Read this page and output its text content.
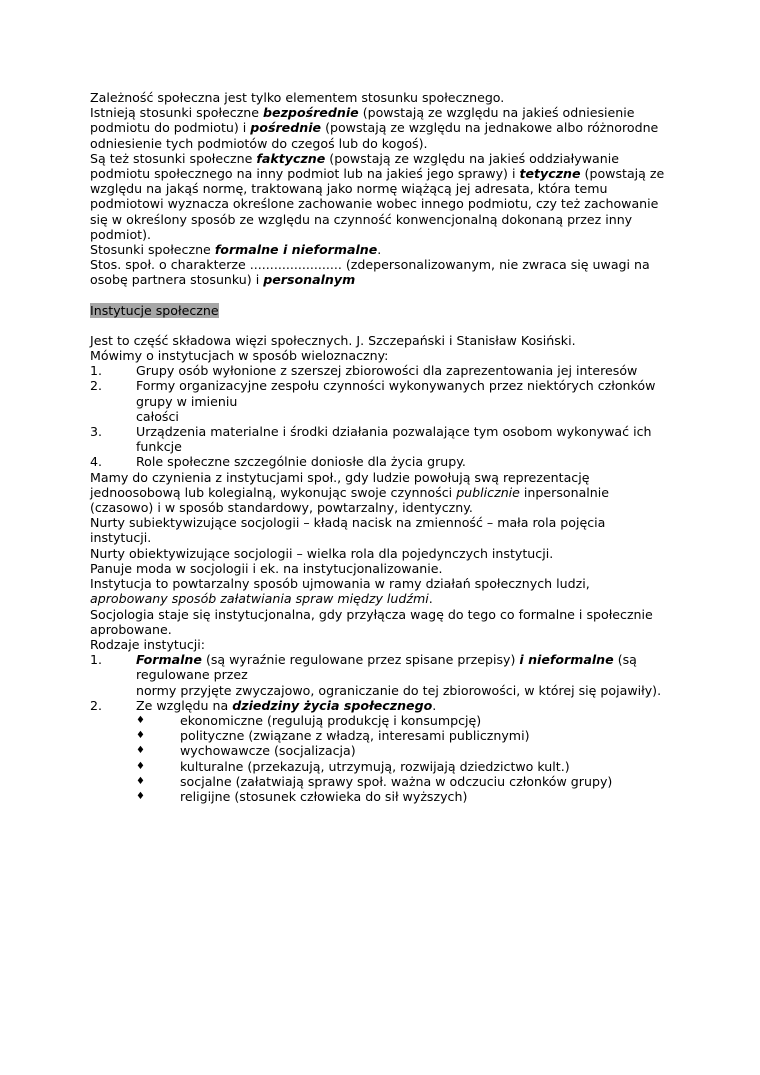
Zależność społeczna jest tylko elementem stosunku społecznego.

Istnieją stosunki społeczne bezpośrednie (powstają ze względu na jakieś odniesienie podmiotu do podmiotu) i pośrednie (powstają ze względu na jednakowe albo różnorodne odniesienie tych podmiotów do czegoś lub do kogoś).

Są też stosunki społeczne faktyczne (powstają ze względu na jakieś oddziaływanie podmiotu społecznego na inny podmiot lub na jakieś jego sprawy) i tetyczne (powstają ze względu na jakąś normę, traktowaną jako normę wiążącą jej adresata, która temu podmiotowi wyznacza określone zachowanie wobec innego podmiotu, czy też zachowanie się w określony sposób ze względu na czynność konwencjonalną dokonaną przez inny podmiot).

Stosunki społeczne formalne i nieformalne.

Stos. społ. o charakterze ....................... (zdepersonalizowanym, nie zwraca się uwagi na osobę partnera stosunku) i personalnym

Instytucje społeczne

Jest to część składowa więzi społecznych. J. Szczepański i Stanisław Kosiński.

Mówimy o instytucjach w sposób wieloznaczny:

1.	Grupy osób wyłonione z szerszej zbiorowości dla zaprezentowania jej interesów
2.	Formy organizacyjne zespołu czynności wykonywanych przez niektórych członków grupy w imieniu

całości

3.	Urządzenia materialne i środki działania pozwalające tym osobom wykonywać ich funkcje
4.	Role społeczne szczególnie doniosłe dla życia grupy.

Mamy do czynienia z instytucjami społ., gdy ludzie powołują swą reprezentację jednoosobową lub kolegialną, wykonując swoje czynności publicznie inpersonalnie (czasowo) i w sposób standardowy, powtarzalny, identyczny.

Nurty subiektywizujące socjologii – kładą nacisk na zmienność – mała rola pojęcia instytucji.

Nurty obiektywizujące socjologii – wielka rola dla pojedynczych instytucji.

Panuje moda w socjologii i ek. na instytucjonalizowanie.

Instytucja to powtarzalny sposób ujmowania w ramy działań społecznych ludzi, aprobowany sposób załatwiania spraw między ludźmi.

Socjologia staje się instytucjonalna, gdy przyłącza wagę do tego co formalne i społecznie aprobowane.

Rodzaje instytucji:

1.	Formalne (są wyraźnie regulowane przez spisane przepisy) i nieformalne (są regulowane przez

normy przyjęte zwyczajowo, ograniczanie do tej zbiorowości, w której się pojawiły).

2.	Ze względu na dziedziny życia społecznego.
♦	ekonomiczne (regulują produkcję i konsumpcję)
♦	polityczne (związane z władzą, interesami publicznymi)
♦	wychowawcze (socjalizacja)
♦	kulturalne (przekazują, utrzymują, rozwijają dziedzictwo kult.)
♦	socjalne (załatwiają sprawy społ. ważna w odczuciu członków grupy)
♦	religijne (stosunek człowieka do sił wyższych)
